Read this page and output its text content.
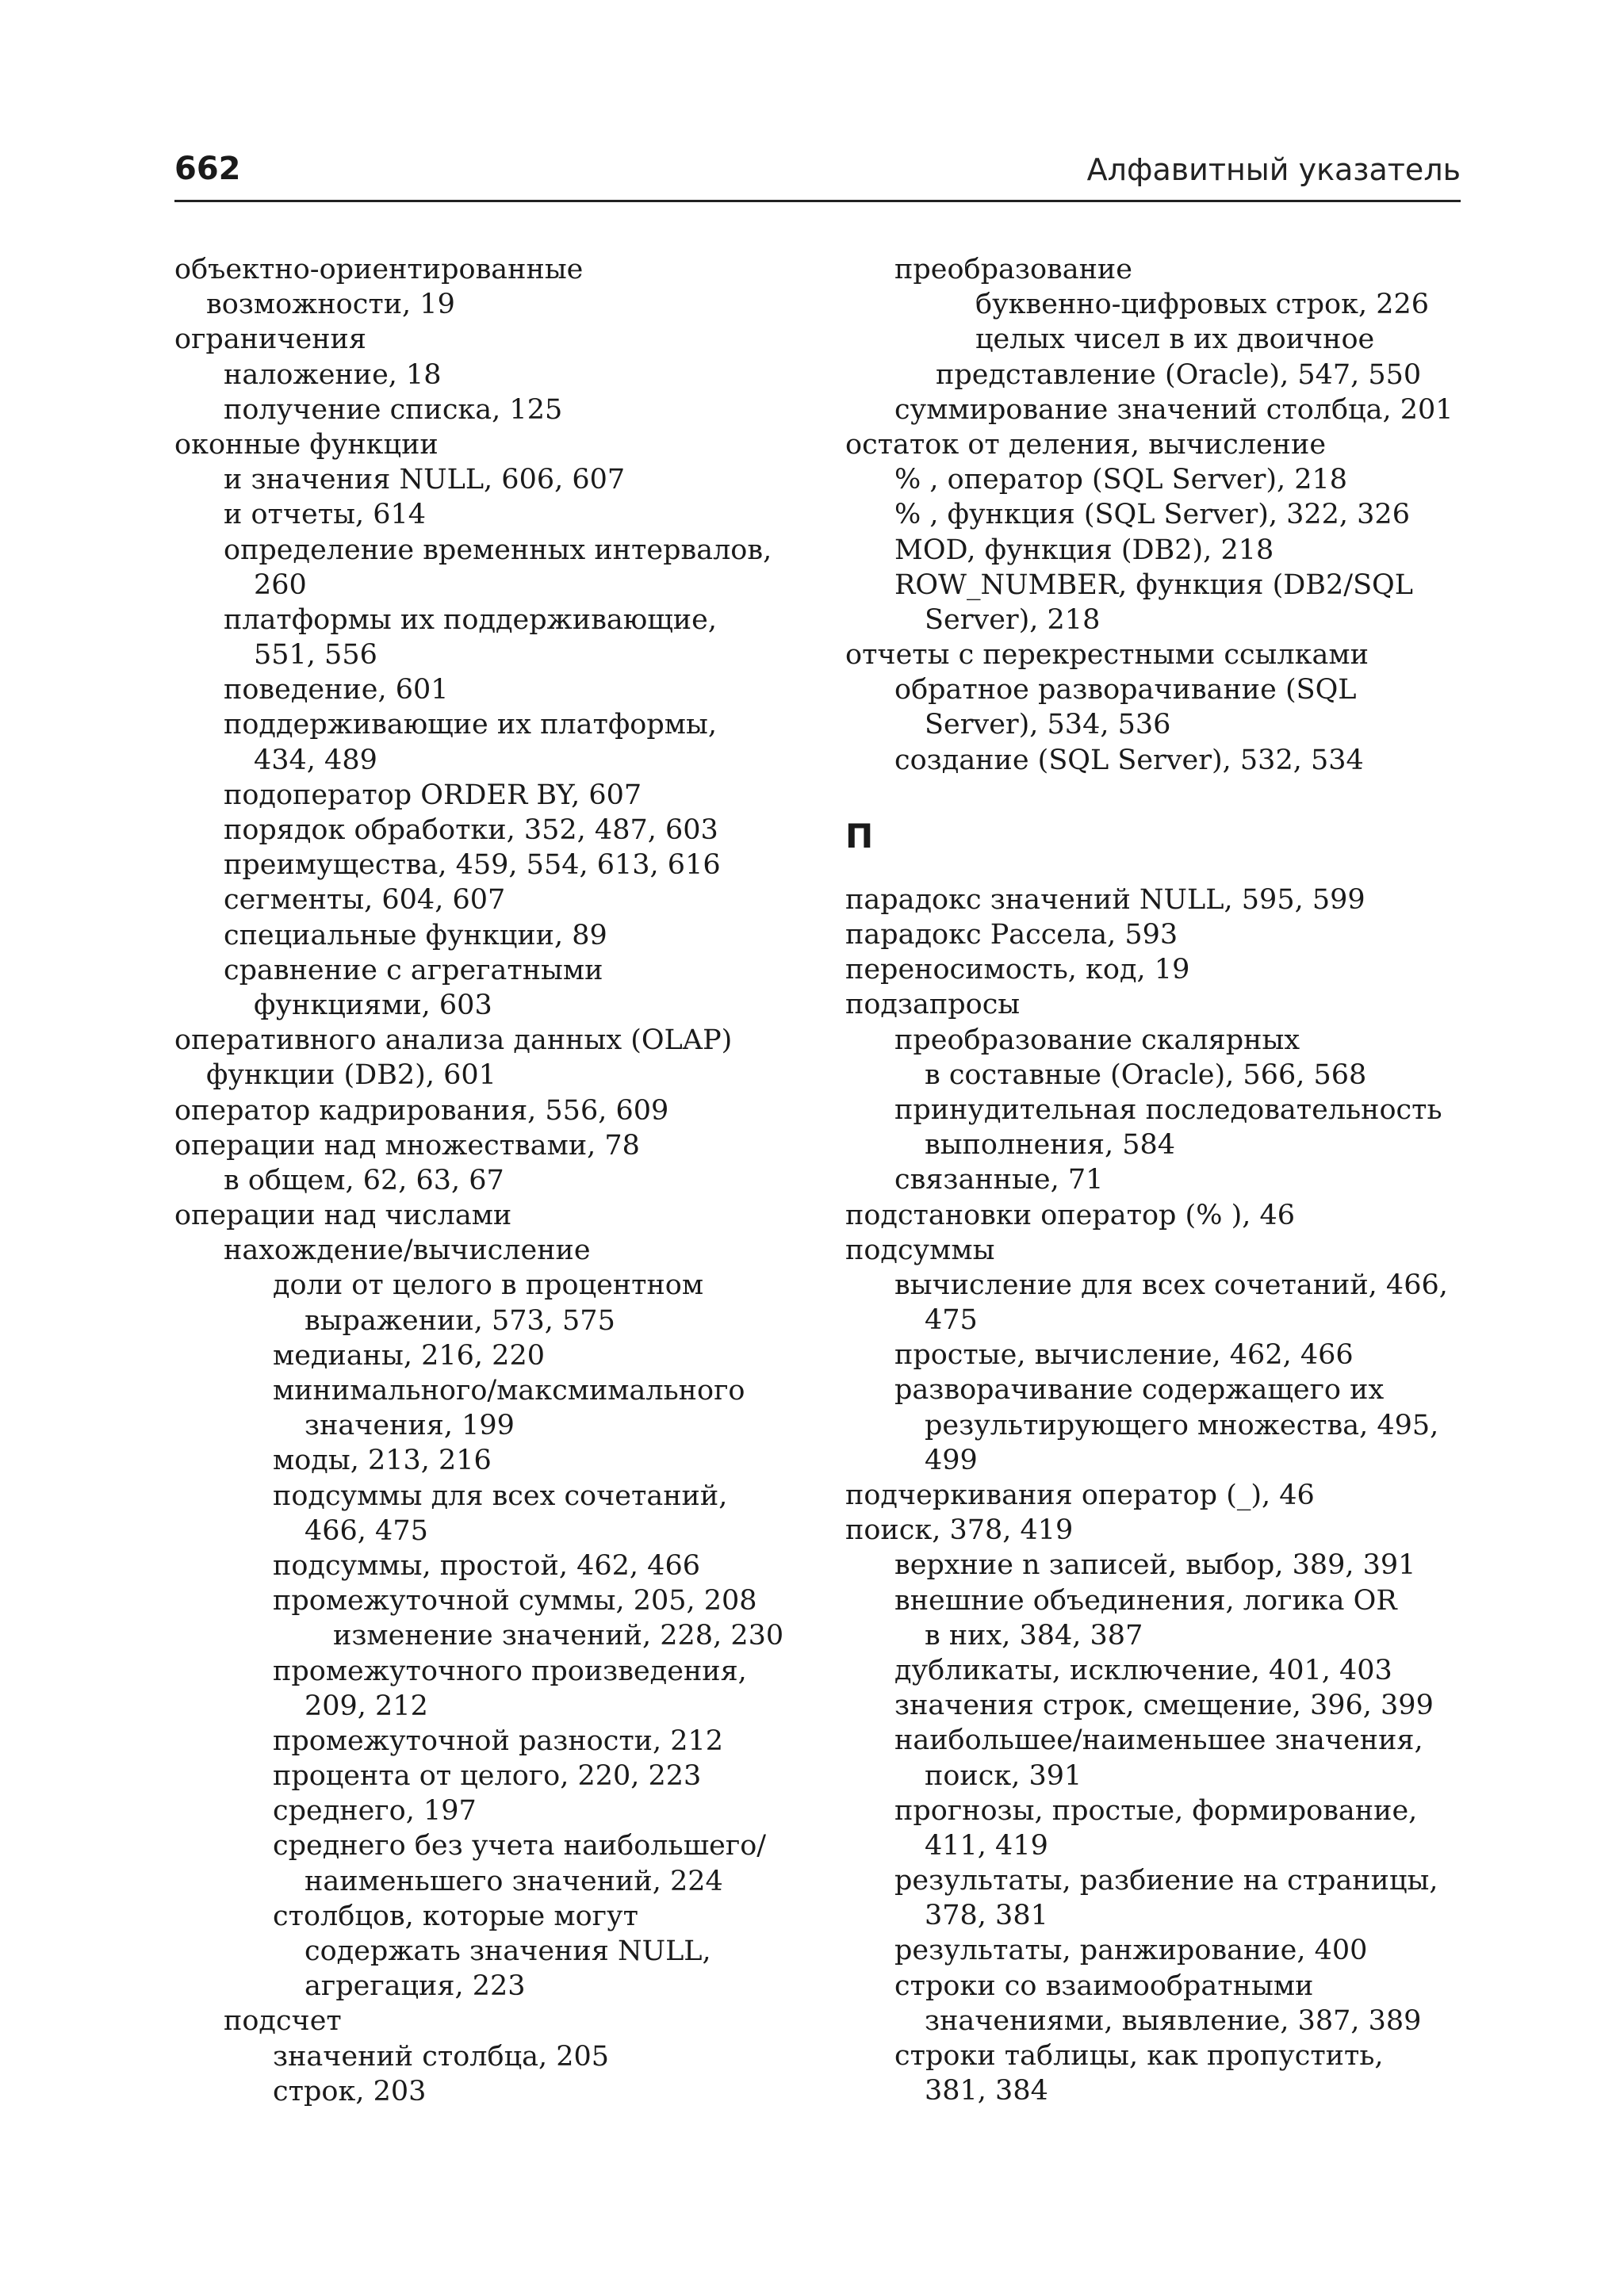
662	Алфавитный указатель
объектно-ориентированные
возможности, 19
ограничения
наложение, 18
получение списка, 125
оконные функции
и значения NULL, 606, 607
и отчеты, 614
определение временных интервалов,
260
платформы их поддерживающие,
551, 556
поведение, 601
поддерживающие их платформы,
434, 489
подоператор ORDER BY, 607
порядок обработки, 352, 487, 603
преимущества, 459, 554, 613, 616
сегменты, 604, 607
специальные функции, 89
сравнение с агрегатными
функциями, 603
оперативного анализа данных (OLAP)
функции (DB2), 601
оператор кадрирования, 556, 609
операции над множествами, 78
в общем, 62, 63, 67
операции над числами
нахождение/вычисление
доли от целого в процентном
выражении, 573, 575
медианы, 216, 220
минимального/максмимального
значения, 199
моды, 213, 216
подсуммы для всех сочетаний,
466, 475
подсуммы, простой, 462, 466
промежуточной суммы, 205, 208
изменение значений, 228, 230
промежуточного произведения,
209, 212
промежуточной разности, 212
процента от целого, 220, 223
среднего, 197
среднего без учета наибольшего/
наименьшего значений, 224
столбцов, которые могут
содержать значения NULL,
агрегация, 223
подсчет
значений столбца, 205
строк, 203
преобразование
буквенно-цифровых строк, 226
целых чисел в их двоичное
представление (Oracle), 547, 550
суммирование значений столбца, 201
остаток от деления, вычисление
% , оператор (SQL Server), 218
% , функция (SQL Server), 322, 326
MOD, функция (DB2), 218
ROW_NUMBER, функция (DB2/SQL
Server), 218
отчеты с перекрестными ссылками
обратное разворачивание (SQL
Server), 534, 536
создание (SQL Server), 532, 534
П
парадокс значений NULL, 595, 599
парадокс Рассела, 593
переносимость, код, 19
подзапросы
преобразование скалярных
в составные (Oracle), 566, 568
принудительная последовательность
выполнения, 584
связанные, 71
подстановки оператор (% ), 46
подсуммы
вычисление для всех сочетаний, 466,
475
простые, вычисление, 462, 466
разворачивание содержащего их
результирующего множества, 495,
499
подчеркивания оператор (_), 46
поиск, 378, 419
верхние n записей, выбор, 389, 391
внешние объединения, логика OR
в них, 384, 387
дубликаты, исключение, 401, 403
значения строк, смещение, 396, 399
наибольшее/наименьшее значения,
поиск, 391
прогнозы, простые, формирование,
411, 419
результаты, разбиение на страницы,
378, 381
результаты, ранжирование, 400
строки со взаимообратными
значениями, выявление, 387, 389
строки таблицы, как пропустить,
381, 384
